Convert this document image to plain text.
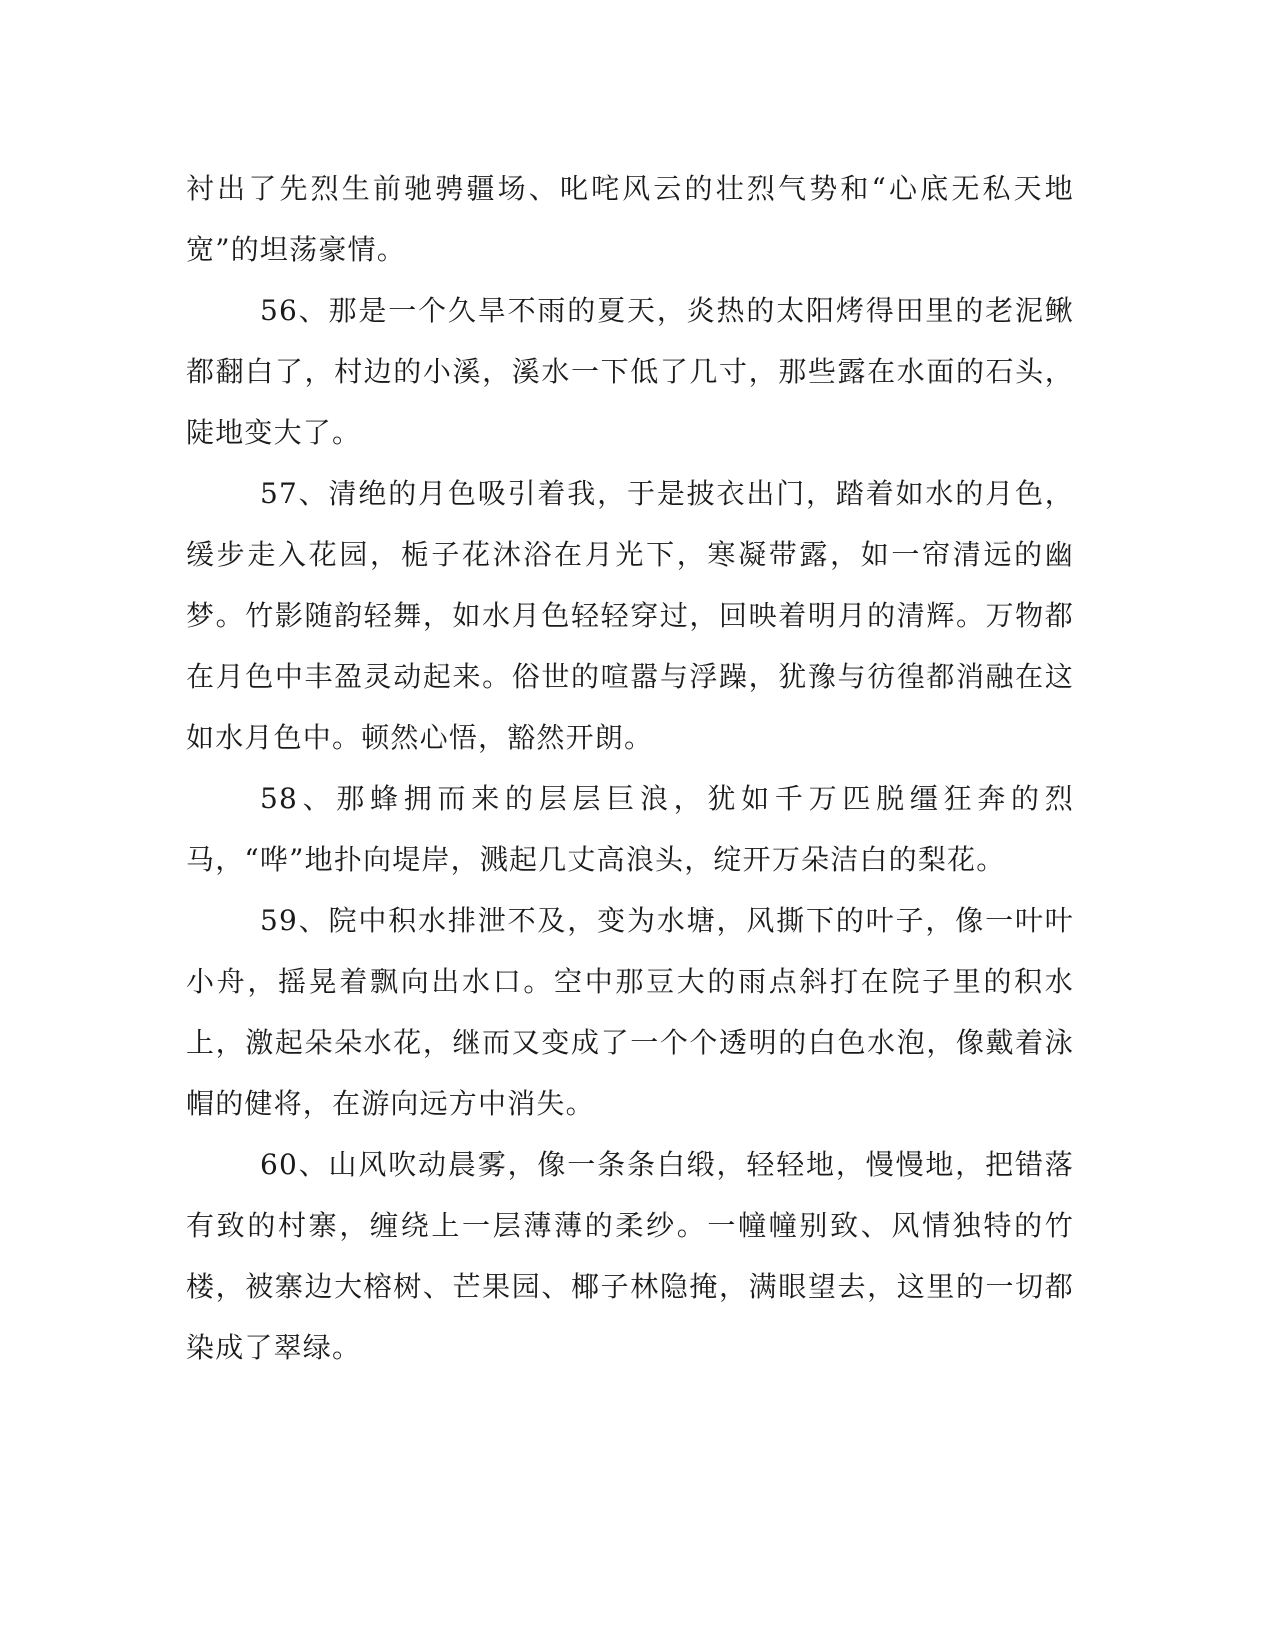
衬出了先烈生前驰骋疆场、叱咤风云的壮烈气势和“心底无私天地宽”的坦荡豪情。

56、那是一个久旱不雨的夏天，炎热的太阳烤得田里的老泥鳅都翻白了，村边的小溪，溪水一下低了几寸，那些露在水面的石头，陡地变大了。

57、清绝的月色吸引着我，于是披衣出门，踏着如水的月色，缓步走入花园，栀子花沐浴在月光下，寒凝带露，如一帘清远的幽梦。竹影随韵轻舞，如水月色轻轻穿过，回映着明月的清辉。万物都在月色中丰盈灵动起来。俗世的喧嚣与浮躁，犹豫与彷徨都消融在这如水月色中。顿然心悟，豁然开朗。

58、那蜂拥而来的层层巨浪，犹如千万匹脱缰狂奔的烈马，“哗”地扑向堤岸，溅起几丈高浪头，绽开万朵洁白的梨花。

59、院中积水排泄不及，变为水塘，风撕下的叶子，像一叶叶小舟，摇晃着飘向出水口。空中那豆大的雨点斜打在院子里的积水上，激起朵朵水花，继而又变成了一个个透明的白色水泡，像戴着泳帽的健将，在游向远方中消失。

60、山风吹动晨雾，像一条条白缎，轻轻地，慢慢地，把错落有致的村寨，缠绕上一层薄薄的柔纱。一幢幢别致、风情独特的竹楼，被寨边大榕树、芒果园、椰子林隐掩，满眼望去，这里的一切都染成了翠绿。
